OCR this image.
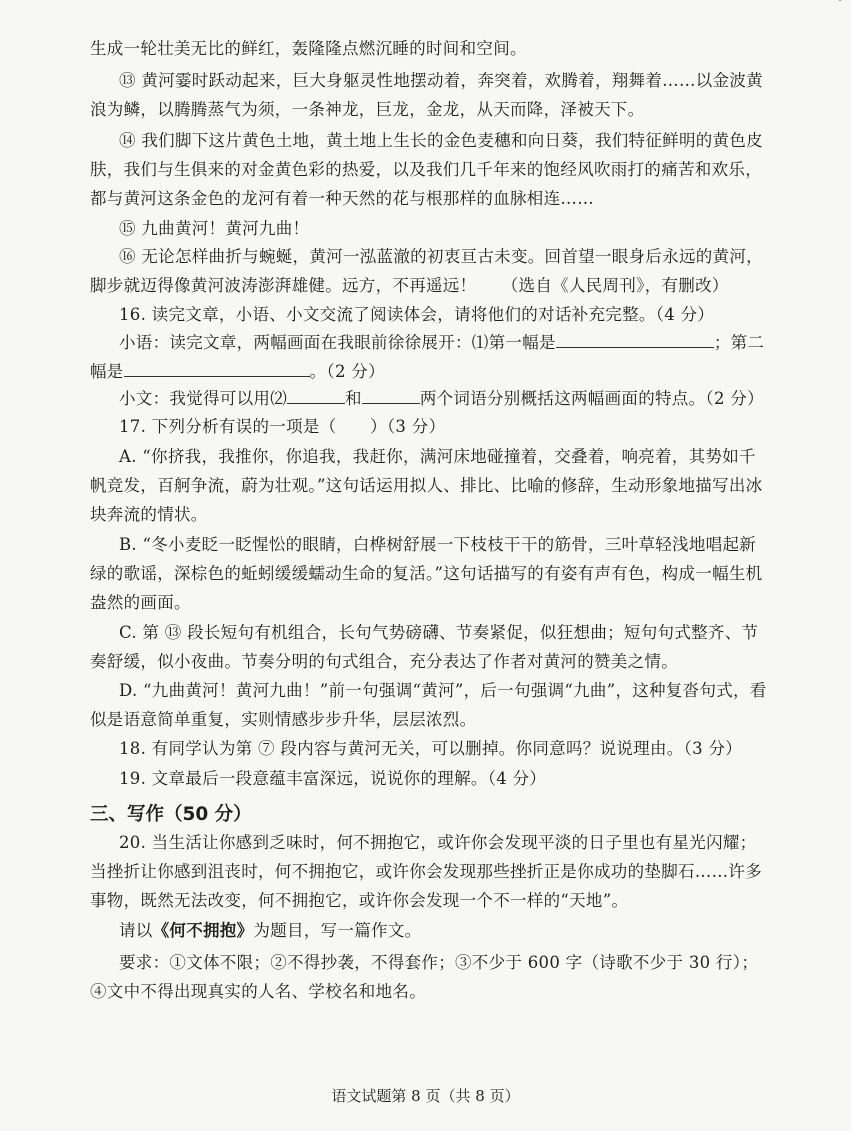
生成一轮壮美无比的鲜红，轰隆隆点燃沉睡的时间和空间。

⑬ 黄河霎时跃动起来，巨大身躯灵性地摆动着，奔突着，欢腾着，翔舞着……以金波黄浪为鳞，以腾腾蒸气为须，一条神龙，巨龙，金龙，从天而降，泽被天下。

⑭ 我们脚下这片黄色土地，黄土地上生长的金色麦穗和向日葵，我们特征鲜明的黄色皮肤，我们与生俱来的对金黄色彩的热爱，以及我们几千年来的饱经风吹雨打的痛苦和欢乐，都与黄河这条金色的龙河有着一种天然的花与根那样的血脉相连……

⑮ 九曲黄河！黄河九曲！

⑯ 无论怎样曲折与蜿蜒，黄河一泓蓝澈的初衷亘古未变。回首望一眼身后永远的黄河，脚步就迈得像黄河波涛澎湃雄健。远方，不再遥远！　　（选自《人民周刊》，有删改）

16. 读完文章，小语、小文交流了阅读体会，请将他们的对话补充完整。（4 分）

小语：读完文章，两幅画面在我眼前徐徐展开：⑴第一幅是	；第二
幅是	。（2 分）

小文：我觉得可以用⑵	和	两个词语分别概括这两幅画面的特点。（2 分）

17. 下列分析有误的一项是（　　）（3 分）

A. “你挤我，我推你，你追我，我赶你，满河床地碰撞着，交叠着，响亮着，其势如千帆竞发，百舸争流，蔚为壮观。”这句话运用拟人、排比、比喻的修辞，生动形象地描写出冰块奔流的情状。

B. “冬小麦眨一眨惺忪的眼睛，白桦树舒展一下枝枝干干的筋骨，三叶草轻浅地唱起新绿的歌谣，深棕色的蚯蚓缓缓蠕动生命的复活。”这句话描写的有姿有声有色，构成一幅生机盎然的画面。

C. 第 ⑬ 段长短句有机组合，长句气势磅礴、节奏紧促，似狂想曲；短句句式整齐、节奏舒缓，似小夜曲。节奏分明的句式组合，充分表达了作者对黄河的赞美之情。

D. “九曲黄河！黄河九曲！”前一句强调“黄河”，后一句强调“九曲”，这种复沓句式，看似是语意简单重复，实则情感步步升华，层层浓烈。

18. 有同学认为第 ⑦ 段内容与黄河无关，可以删掉。你同意吗？说说理由。（3 分）

19. 文章最后一段意蕴丰富深远，说说你的理解。（4 分）

三、写作（50 分）

20. 当生活让你感到乏味时，何不拥抱它，或许你会发现平淡的日子里也有星光闪耀；当挫折让你感到沮丧时，何不拥抱它，或许你会发现那些挫折正是你成功的垫脚石……许多事物，既然无法改变，何不拥抱它，或许你会发现一个不一样的“天地”。

请以《何不拥抱》为题目，写一篇作文。

要求：①文体不限；②不得抄袭，不得套作；③不少于 600 字（诗歌不少于 30 行）；④文中不得出现真实的人名、学校名和地名。

语文试题第 8 页（共 8 页）
